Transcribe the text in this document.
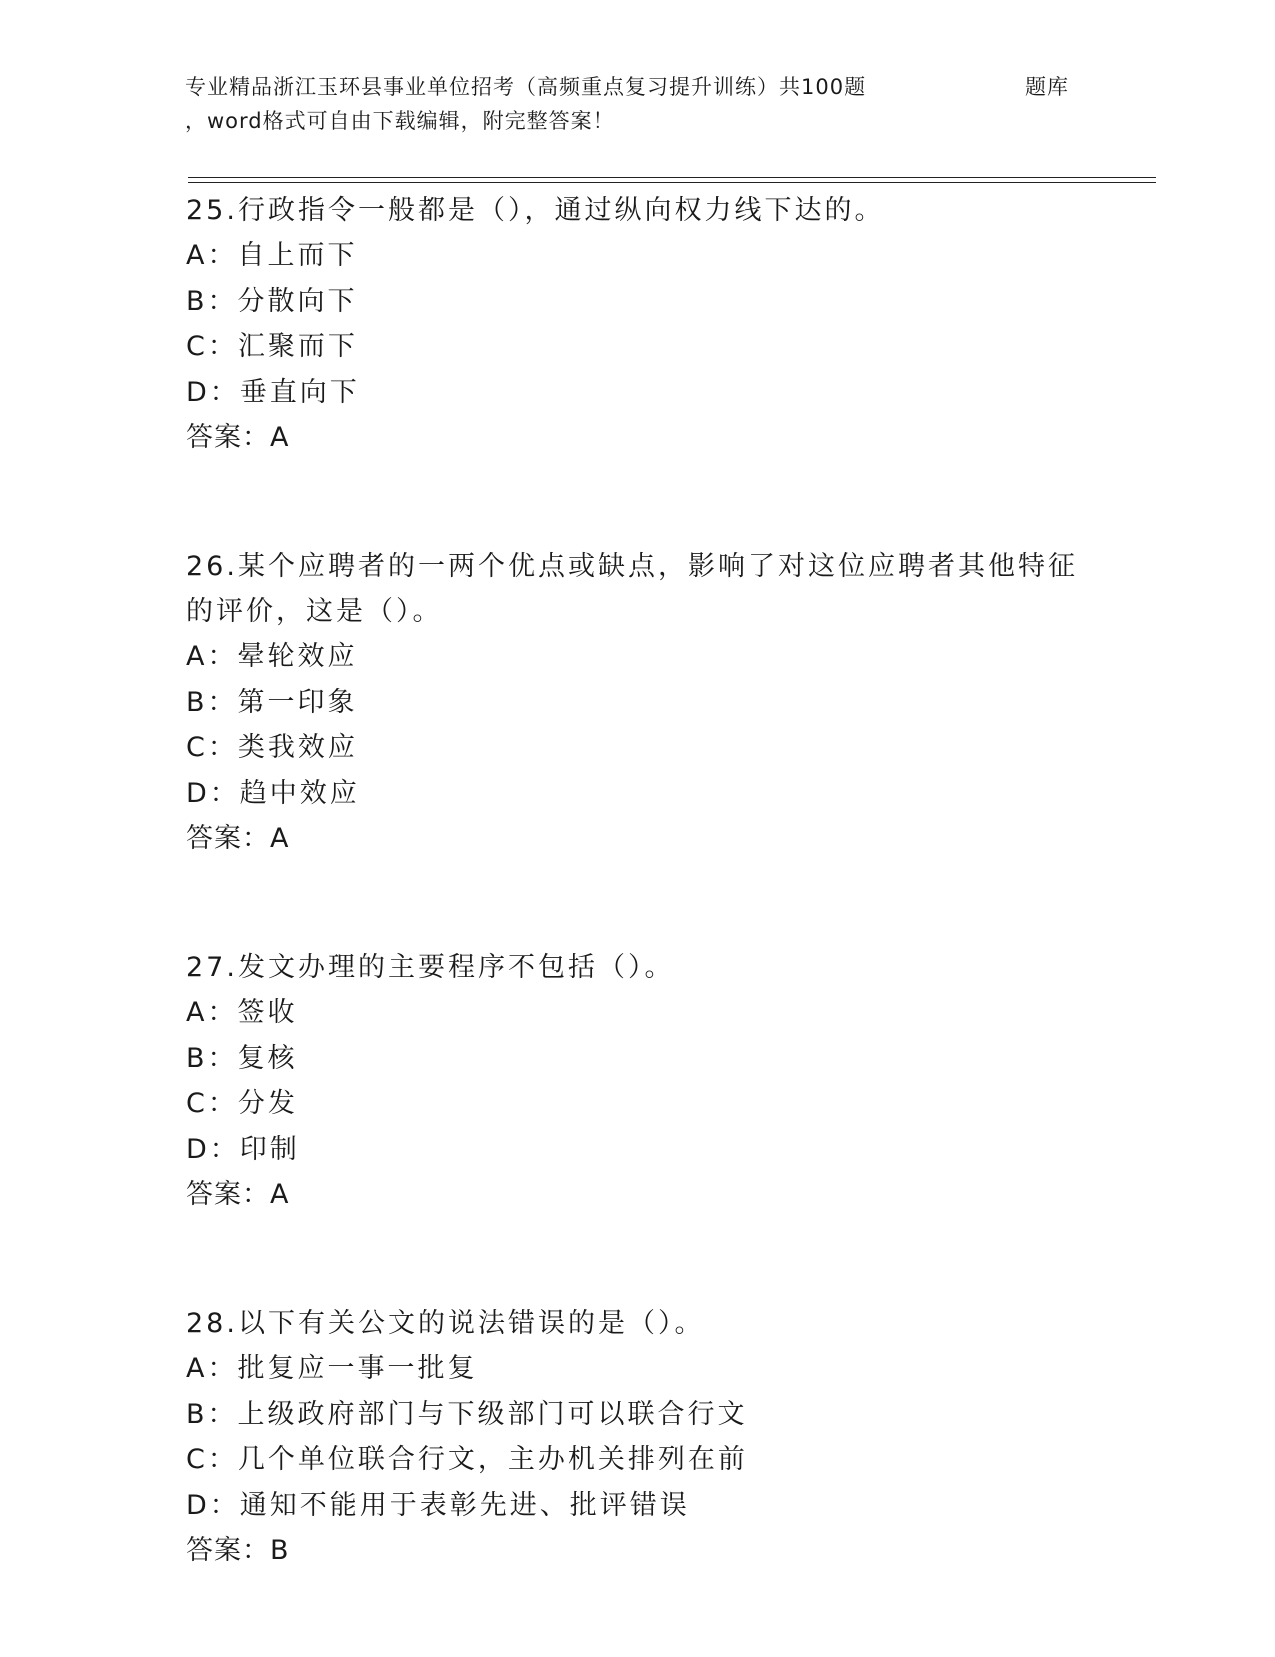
专业精品浙江玉环县事业单位招考（高频重点复习提升训练）共100题	题库
，word格式可自由下载编辑，附完整答案！
25.行政指令一般都是（），通过纵向权力线下达的。
A：自上而下
B：分散向下
C：汇聚而下
D：垂直向下
答案：A
26.某个应聘者的一两个优点或缺点，影响了对这位应聘者其他特征的评价，这是（）。
A：晕轮效应
B：第一印象
C：类我效应
D：趋中效应
答案：A
27.发文办理的主要程序不包括（）。
A：签收
B：复核
C：分发
D：印制
答案：A
28.以下有关公文的说法错误的是（）。
A：批复应一事一批复
B：上级政府部门与下级部门可以联合行文
C：几个单位联合行文，主办机关排列在前
D：通知不能用于表彰先进、批评错误
答案：B
